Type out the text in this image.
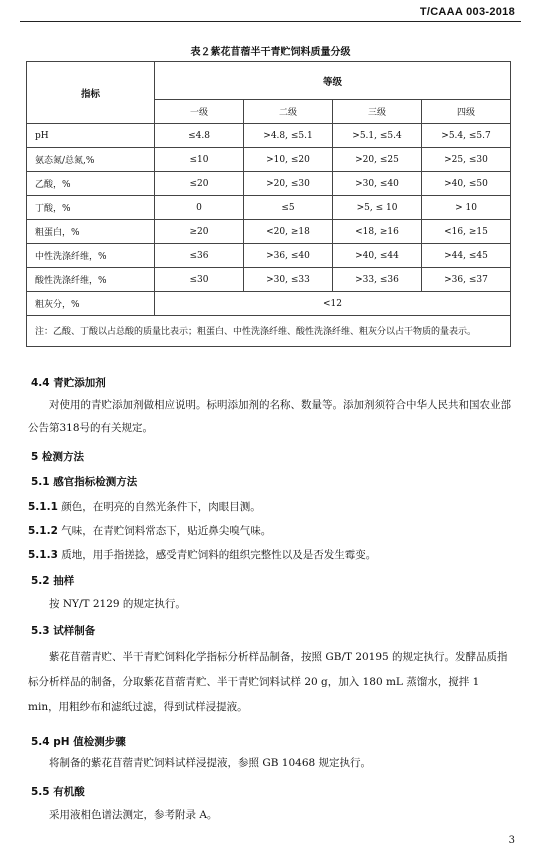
T/CAAA 003-2018
表２紫花苜蓿半干青贮饲料质量分级
指标	等级			
	一级	二级	三级	四级
pH	≤4.8	>4.8, ≤5.1	>5.1, ≤5.4	>5.4, ≤5.7
氨态氮/总氮,%	≤10	>10, ≤20	>20, ≤25	>25, ≤30
乙酸，%	≤20	>20, ≤30	>30, ≤40	>40, ≤50
丁酸，%	0	≤5	>5, ≤ 10	> 10
粗蛋白，%	≥20	<20, ≥18	<18, ≥16	<16, ≥15
中性洗涤纤维，%	≤36	>36, ≤40	>40, ≤44	>44, ≤45
酸性洗涤纤维，%	≤30	>30, ≤33	>33, ≤36	>36, ≤37
粗灰分，%	<12			
注：乙酸、丁酸以占总酸的质量比表示；粗蛋白、中性洗涤纤维、酸性洗涤纤维、粗灰分以占干物质的量表示。				
4.4 青贮添加剂
对使用的青贮添加剂做相应说明。标明添加剂的名称、数量等。添加剂须符合中华人民共和国农业部公告第318号的有关规定。
5 检测方法
5.1 感官指标检测方法
5.1.1 颜色，在明亮的自然光条件下，肉眼目测。
5.1.2 气味，在青贮饲料常态下，贴近鼻尖嗅气味。
5.1.3 质地，用手指搓捻，感受青贮饲料的组织完整性以及是否发生霉变。
5.2 抽样
按 NY/T 2129 的规定执行。
5.3 试样制备
紫花苜蓿青贮、半干青贮饲料化学指标分析样品制备，按照 GB/T 20195 的规定执行。发酵品质指标分析样品的制备，分取紫花苜蓿青贮、半干青贮饲料试样 20 g，加入 180 mL 蒸馏水，搅拌 1 min，用粗纱布和滤纸过滤，得到试样浸提液。
5.4 pH 值检测步骤
将制备的紫花苜蓿青贮饲料试样浸提液，参照 GB 10468 规定执行。
5.5 有机酸
采用液相色谱法测定，参考附录 A。
3
